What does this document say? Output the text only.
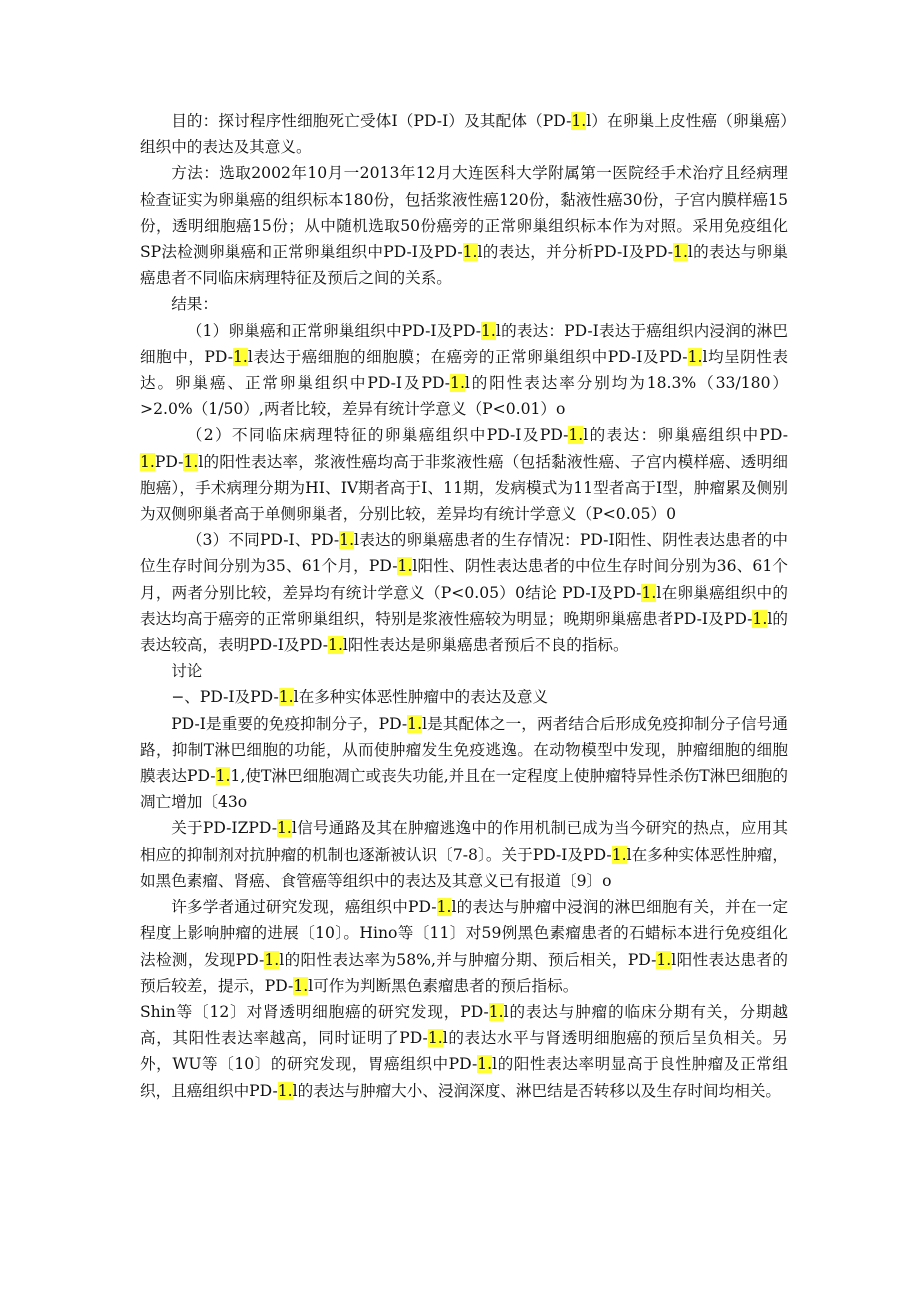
目的：探讨程序性细胞死亡受体I（PD-I）及其配体（PD-1.l）在卵巢上皮性癌（卵巢癌）组织中的表达及其意义。

方法：选取2002年10月一2013年12月大连医科大学附属第一医院经手术治疗且经病理检查证实为卵巢癌的组织标本180份，包括浆液性癌120份，黏液性癌30份，子宫内膜样癌15份，透明细胞癌15份；从中随机选取50份癌旁的正常卵巢组织标本作为对照。采用免疫组化SP法检测卵巢癌和正常卵巢组织中PD-I及PD-1.l的表达，并分析PD-I及PD-1.l的表达与卵巢癌患者不同临床病理特征及预后之间的关系。

结果：

（1）卵巢癌和正常卵巢组织中PD-I及PD-1.l的表达：PD-I表达于癌组织内浸润的淋巴细胞中，PD-1.l表达于癌细胞的细胞膜；在癌旁的正常卵巢组织中PD-I及PD-1.l均呈阴性表达。卵巢癌、正常卵巢组织中PD-I及PD-1.l的阳性表达率分别均为18.3%（33/180）>2.0%（1/50）,两者比较，差异有统计学意义（P<0.01）o

（2）不同临床病理特征的卵巢癌组织中PD-I及PD-1.l的表达：卵巢癌组织中PD-1.PD-1.l的阳性表达率，浆液性癌均高于非浆液性癌（包括黏液性癌、子宫内模样癌、透明细胞癌），手术病理分期为HI、IV期者高于I、11期，发病模式为11型者高于I型，肿瘤累及侧别为双侧卵巢者高于单侧卵巢者，分别比较，差异均有统计学意义（P<0.05）0

（3）不同PD-I、PD-1.l表达的卵巢癌患者的生存情况：PD-I阳性、阴性表达患者的中位生存时间分别为35、61个月，PD-1.l阳性、阴性表达患者的中位生存时间分别为36、61个月，两者分别比较，差异均有统计学意义（P<0.05）0结论 PD-I及PD-1.l在卵巢癌组织中的表达均高于癌旁的正常卵巢组织，特别是浆液性癌较为明显；晚期卵巢癌患者PD-I及PD-1.l的表达较高，表明PD-I及PD-1.l阳性表达是卵巢癌患者预后不良的指标。

讨论

−、PD-I及PD-1.l在多种实体恶性肿瘤中的表达及意义

PD-I是重要的免疫抑制分子，PD-1.l是其配体之一，两者结合后形成免疫抑制分子信号通路，抑制T淋巴细胞的功能，从而使肿瘤发生免疫逃逸。在动物模型中发现，肿瘤细胞的细胞膜表达PD-1.1,使T淋巴细胞凋亡或丧失功能,并且在一定程度上使肿瘤特异性杀伤T淋巴细胞的凋亡增加〔43o

关于PD-IZPD-1.l信号通路及其在肿瘤逃逸中的作用机制已成为当今研究的热点，应用其相应的抑制剂对抗肿瘤的机制也逐渐被认识〔7-8〕。关于PD-I及PD-1.l在多种实体恶性肿瘤，如黑色素瘤、肾癌、食管癌等组织中的表达及其意义已有报道〔9〕o

许多学者通过研究发现，癌组织中PD-1.l的表达与肿瘤中浸润的淋巴细胞有关，并在一定程度上影响肿瘤的进展〔10〕。Hino等〔11〕对59例黑色素瘤患者的石蜡标本进行免疫组化法检测，发现PD-1.l的阳性表达率为58%,并与肿瘤分期、预后相关，PD-1.l阳性表达患者的预后较差，提示，PD-1.l可作为判断黑色素瘤患者的预后指标。

Shin等〔12〕对肾透明细胞癌的研究发现，PD-1.l的表达与肿瘤的临床分期有关，分期越高，其阳性表达率越高，同时证明了PD-1.l的表达水平与肾透明细胞癌的预后呈负相关。另外，WU等〔10〕的研究发现，胃癌组织中PD-1.l的阳性表达率明显高于良性肿瘤及正常组织，且癌组织中PD-1.l的表达与肿瘤大小、浸润深度、淋巴结是否转移以及生存时间均相关。
